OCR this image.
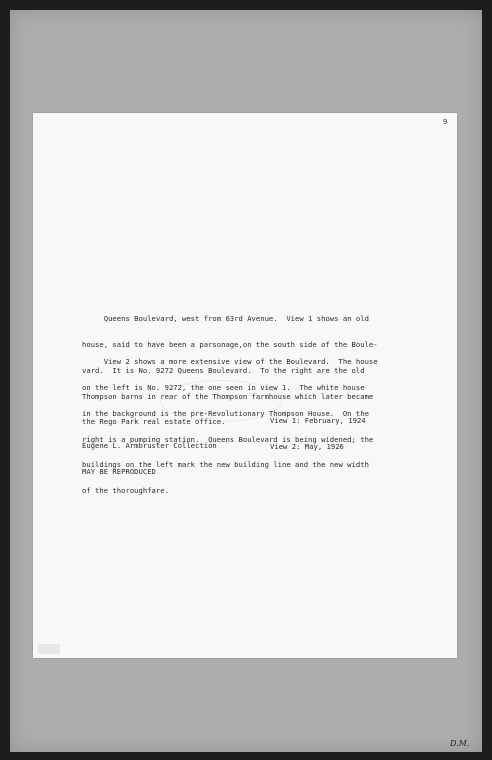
9

Queens Boulevard, west from 63rd Avenue.  View 1 shows an old

house, said to have been a parsonage,on the south side of the Boule-

vard.  It is No. 9272 Queens Boulevard.  To the right are the old

Thompson barns in rear of the Thompson farmhouse which later became

the Rego Park real estate office.

View 2 shows a more extensive view of the Boulevard.  The house

on the left is No. 9272, the one seen in view 1.  The white house

in the background is the pre-Revolutionary Thompson House.  On the

right is a pumping station.  Queens Boulevard is being widened; the

buildings on the left mark the new building line and the new width

of the thoroughfare.

View 1: February, 1924

View 2: May, 1926

Eugene L. Armbruster Collection

MAY BE REPRODUCED

D.M.
